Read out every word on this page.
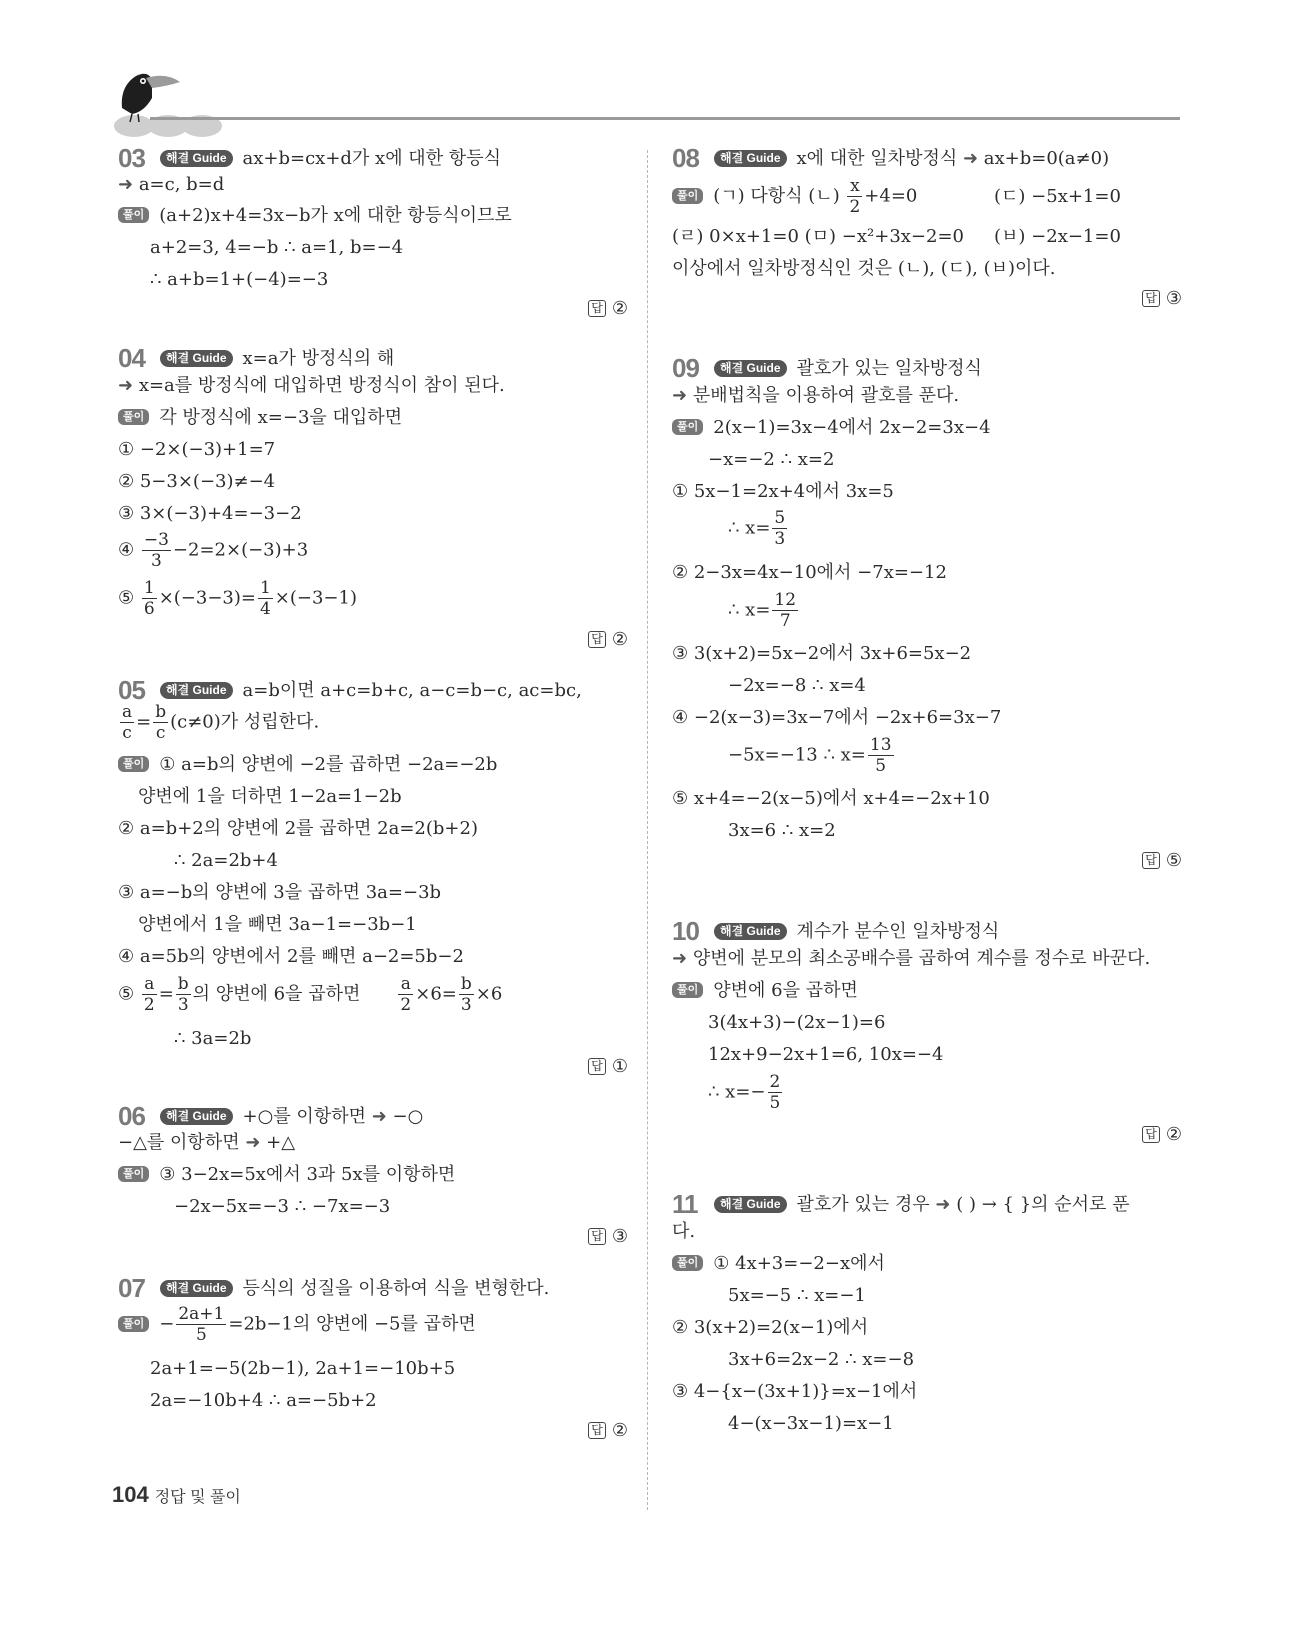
03	해결 Guide ax+b=cx+d가 x에 대한 항등식
➜ a=c, b=d
풀이 (a+2)x+4=3x−b가 x에 대한 항등식이므로
a+2=3, 4=−b ∴ a=1, b=−4
∴ a+b=1+(−4)=−3
답 ②
04	해결 Guide x=a가 방정식의 해
➜ x=a를 방정식에 대입하면 방정식이 참이 된다.
풀이 각 방정식에 x=−3을 대입하면
① −2×(−3)+1=7
② 5−3×(−3)≠−4
③ 3×(−3)+4=−3−2
④ $\frac{-3}{3} -2=2\times(-3)+3$
⑤ $\frac{1}{6} \times(-3-3)= \frac{1}{4} \times(-3-1)$
답 ②
05	해결 Guide a=b이면 a+c=b+c, a−c=b−c, ac=bc,
$\frac{a}{c} = \frac{b}{c} (c\ne 0)$가 성립한다.
풀이 ① a=b의 양변에 −2를 곱하면 −2a=−2b
양변에 1을 더하면 1−2a=1−2b
② a=b+2의 양변에 2를 곱하면 2a=2(b+2)
∴ 2a=2b+4
③ a=−b의 양변에 3을 곱하면 3a=−3b
양변에서 1을 빼면 3a−1=−3b−1
④ a=5b의 양변에서 2를 빼면 a−2=5b−2
⑤ $\frac{a}{2} = \frac{b}{3}$ 의 양변에 6을 곱하면 $\frac{a}{2} \times 6= \frac{b}{3} \times 6$
∴ 3a=2b
답 ①
06	해결 Guide +○를 이항하면 ➜ −○
−△를 이항하면 ➜ +△
풀이 ③ 3−2x=5x에서 3과 5x를 이항하면
−2x−5x=−3 ∴ −7x=−3
답 ③
07	해결 Guide 등식의 성질을 이용하여 식을 변형한다.
풀이 − $\frac{2a+1}{5} =2b-1$의 양변에 −5를 곱하면
2a+1=−5(2b−1), 2a+1=−10b+5
2a=−10b+4 ∴ a=−5b+2
답 ②
08	해결 Guide x에 대한 일차방정식 ➜ ax+b=0(a≠0)
풀이 (ㄱ) 다항식 (ㄴ) $\frac{x}{2} +4=0$	(ㄷ) −5x+1=0
(ㄹ) 0×x+1=0 (ㅁ) −x²+3x−2=0 (ㅂ) −2x−1=0
이상에서 일차방정식인 것은 (ㄴ), (ㄷ), (ㅂ)이다.
답 ③
09	해결 Guide 괄호가 있는 일차방정식
➜ 분배법칙을 이용하여 괄호를 푼다.
풀이 2(x−1)=3x−4에서 2x−2=3x−4
−x=−2 ∴ x=2
① 5x−1=2x+4에서 3x=5
∴ $x= \frac{5}{3}$
② 2−3x=4x−10에서 −7x=−12
∴ $x= \frac{12}{7}$
③ 3(x+2)=5x−2에서 3x+6=5x−2
−2x=−8 ∴ x=4
④ −2(x−3)=3x−7에서 −2x+6=3x−7
−5x=−13 ∴ $x= \frac{13}{5}$
⑤ x+4=−2(x−5)에서 x+4=−2x+10
3x=6 ∴ x=2
답 ⑤
10	해결 Guide 계수가 분수인 일차방정식
➜ 양변에 분모의 최소공배수를 곱하여 계수를 정수로 바꾼다.
풀이 양변에 6을 곱하면
3(4x+3)−(2x−1)=6
12x+9−2x+1=6, 10x=−4
∴ $x=- \frac{2}{5}$
답 ②
11	해결 Guide 괄호가 있는 경우 ➜ ( ) → { }의 순서로 푼
다.
풀이 ① 4x+3=−2−x에서
5x=−5 ∴ x=−1
② 3(x+2)=2(x−1)에서
3x+6=2x−2 ∴ x=−8
③ 4−{x−(3x+1)}=x−1에서
4−(x−3x−1)=x−1
104 정답 및 풀이
